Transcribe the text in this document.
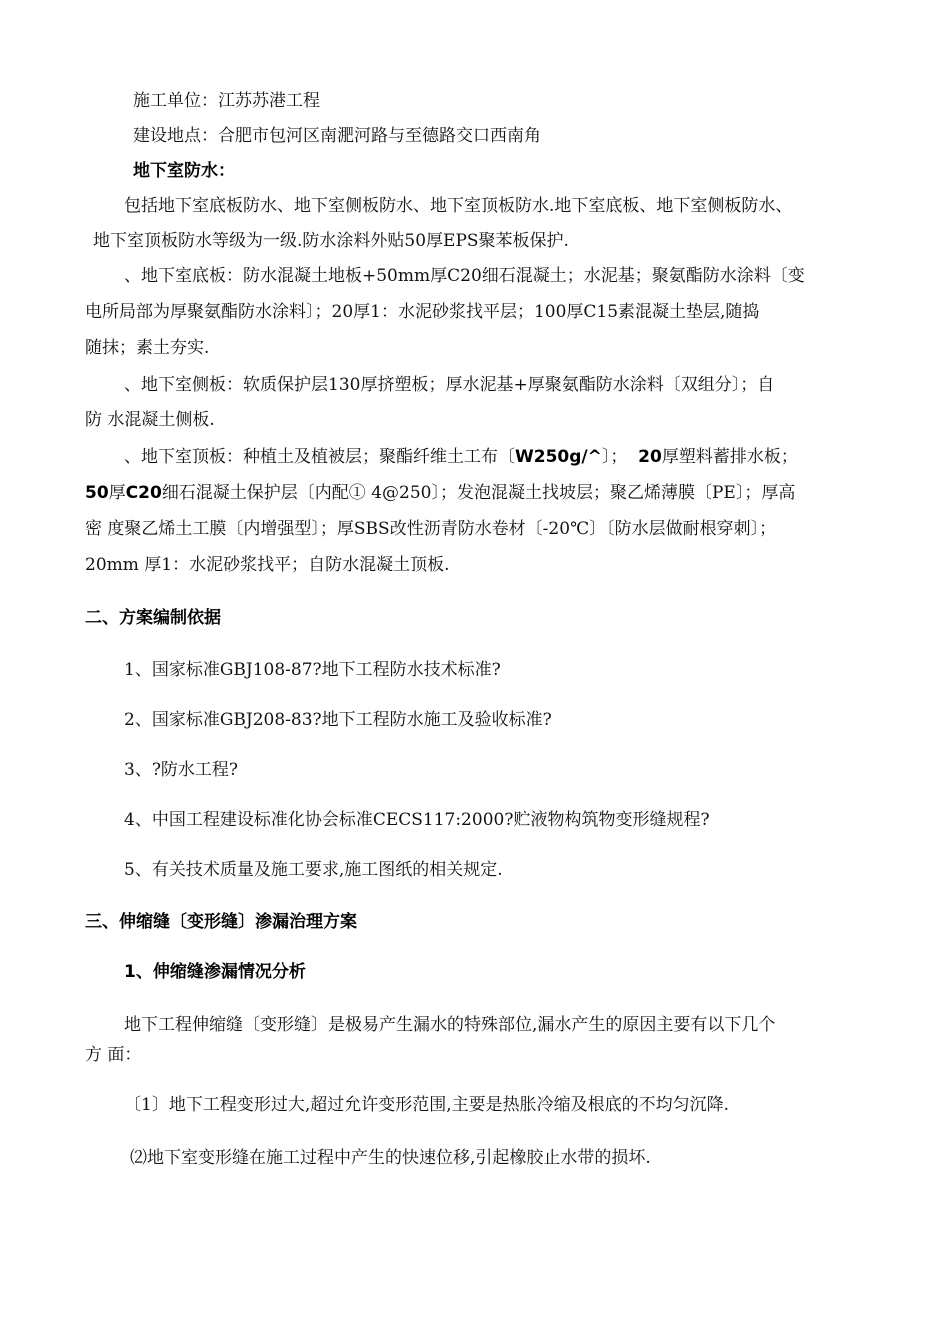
施工单位：江苏苏港工程

建设地点：合肥市包河区南淝河路与至德路交口西南角

地下室防水：

包括地下室底板防水、地下室侧板防水、地下室顶板防水.地下室底板、地下室侧板防水、

地下室顶板防水等级为一级.防水涂料外贴50厚EPS聚苯板保护.

、地下室底板：防水混凝土地板+50mm厚C20细石混凝土；水泥基；聚氨酯防水涂料〔变

电所局部为厚聚氨酯防水涂料〕；20厚1：水泥砂浆找平层；100厚C15素混凝土垫层,随捣

随抹；素土夯实.

、地下室侧板：软质保护层130厚挤塑板；厚水泥基+厚聚氨酯防水涂料〔双组分〕；自

防 水混凝土侧板.

、地下室顶板：种植土及植被层；聚酯纤维土工布〔W250g/^〕； 20厚塑料蓄排水板；

50厚C20细石混凝土保护层〔内配① 4@250〕；发泡混凝土找坡层；聚乙烯薄膜〔PE〕；厚高

密 度聚乙烯土工膜〔内增强型〕；厚SBS改性沥青防水卷材〔-20℃〕〔防水层做耐根穿刺〕；

20mm 厚1：水泥砂浆找平；自防水混凝土顶板.

二、方案编制依据

1、国家标准GBJ108-87?地下工程防水技术标准?

2、国家标准GBJ208-83?地下工程防水施工及验收标准?

3、?防水工程?

4、中国工程建设标准化协会标准CECS117:2000?贮液物构筑物变形缝规程?

5、有关技术质量及施工要求,施工图纸的相关规定.

三、伸缩缝〔变形缝〕渗漏治理方案

1、伸缩缝渗漏情况分析

地下工程伸缩缝〔变形缝〕是极易产生漏水的特殊部位,漏水产生的原因主要有以下几个

方 面：

〔1〕地下工程变形过大,超过允许变形范围,主要是热胀冷缩及根底的不均匀沉降.

⑵地下室变形缝在施工过程中产生的快速位移,引起橡胶止水带的损坏.
